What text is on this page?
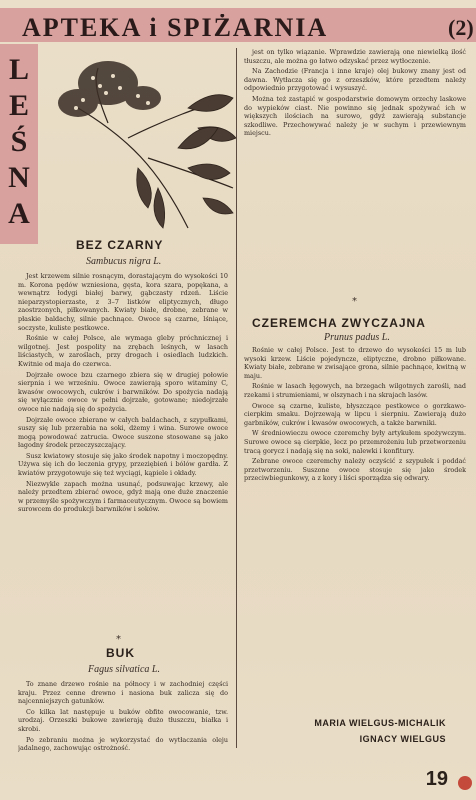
APTEKA i SPIŻARNIA	(2)
L
E
Ś
N
A
BEZ CZARNY
Sambucus nigra L.

Jest krzewem silnie rosnącym, dorastającym do wysokości 10 m. Korona pędów wzniesiona, gęsta, kora szara, popękana, a wewnątrz łodygi białej barwy, gąbczasty rdzeń. Liście nieparzystopierzaste, z 3–7 listków eliptycznych, długo zaostrzonych, piłkowanych. Kwiaty białe, drobne, zebrane w płaskie baldachy, silnie pachnące. Owoce są czarne, lśniące, soczyste, kuliste pestkowce.

Rośnie w całej Polsce, ale wymaga gleby próchnicznej i wilgotnej. Jest pospolity na zrębach leśnych, w lasach liściastych, w zaroślach, przy drogach i osiedlach ludzkich. Kwitnie od maja do czerwca.

Dojrzałe owoce bzu czarnego zbiera się w drugiej połowie sierpnia i we wrześniu. Owoce zawierają sporo witaminy C, kwasów owocowych, cukrów i barwników. Do spożycia nadają się wyłącznie owoce w pełni dojrzałe, gotowane; niedojrzałe owoce nie nadają się do spożycia.

Dojrzałe owoce zbierane w całych baldachach, z szypułkami, suszy się lub przerabia na soki, dżemy i wina. Surowe owoce mogą powodować zatrucia. Owoce suszone stosowane są jako łagodny środek przeczyszczający.

Susz kwiatowy stosuje się jako środek napotny i moczopędny. Używa się ich do leczenia grypy, przeziębień i bólów gardła. Z kwiatów przygotowuje się też wyciągi, kąpiele i okłady.

Niezwykle zapach można usunąć, podsuwając krzewy, ale należy przedtem zbierać owoce, gdyż mają one duże znaczenie w przemyśle spożywczym i farmaceutycznym. Owoce są bowiem surowcem do produkcji barwników i soków.

*
BUK
Fagus silvatica L.

To znane drzewo rośnie na północy i w zachodniej części kraju. Przez cenne drewno i nasiona buk zalicza się do najcenniejszych gatunków.

Co kilka lat następuje u buków obfite owocowanie, tzw. urodzaj. Orzeszki bukowe zawierają dużo tłuszczu, białka i skrobi.

Po zebraniu można je wykorzystać do wytłaczania oleju jadalnego, zachowując ostrożność.

jest on tylko wiązanie. Wprawdzie zawierają one niewielką ilość tłuszczu, ale można go łatwo odzyskać przez wytłoczenie.

Na Zachodzie (Francja i inne kraje) olej bukowy znany jest od dawna. Wytłacza się go z orzeszków, które przedtem należy odpowiednio przygotować i wysuszyć.

Można też zastąpić w gospodarstwie domowym orzechy laskowe do wypieków ciast. Nie powinno się jednak spożywać ich w większych ilościach na surowo, gdyż zawierają substancje szkodliwe. Przechowywać należy je w suchym i przewiewnym miejscu.

*
CZEREMCHA ZWYCZAJNA
Prunus padus L.

Rośnie w całej Polsce. Jest to drzewo do wysokości 15 m lub wysoki krzew. Liście pojedyncze, eliptyczne, drobno piłkowane. Kwiaty białe, zebrane w zwisające grona, silnie pachnące, kwitną w maju.

Rośnie w lasach łęgowych, na brzegach wilgotnych zarośli, nad rzekami i strumieniami, w olszynach i na skrajach lasów.

Owoce są czarne, kuliste, błyszczące pestkowce o gorzkawo-cierpkim smaku. Dojrzewają w lipcu i sierpniu. Zawierają dużo garbników, cukrów i kwasów owocowych, a także barwniki.

W średniowieczu owoce czeremchy były artykułem spożywczym. Surowe owoce są cierpkie, lecz po przemrożeniu lub przetworzeniu tracą gorycz i nadają się na soki, nalewki i konfitury.

Zebrane owoce czeremchy należy oczyścić z szypułek i poddać przetworzeniu. Suszone owoce stosuje się jako środek przeciwbiegunkowy, a z kory i liści sporządza się odwary.

MARIA WIELGUS-MICHALIK
IGNACY WIELGUS
19
